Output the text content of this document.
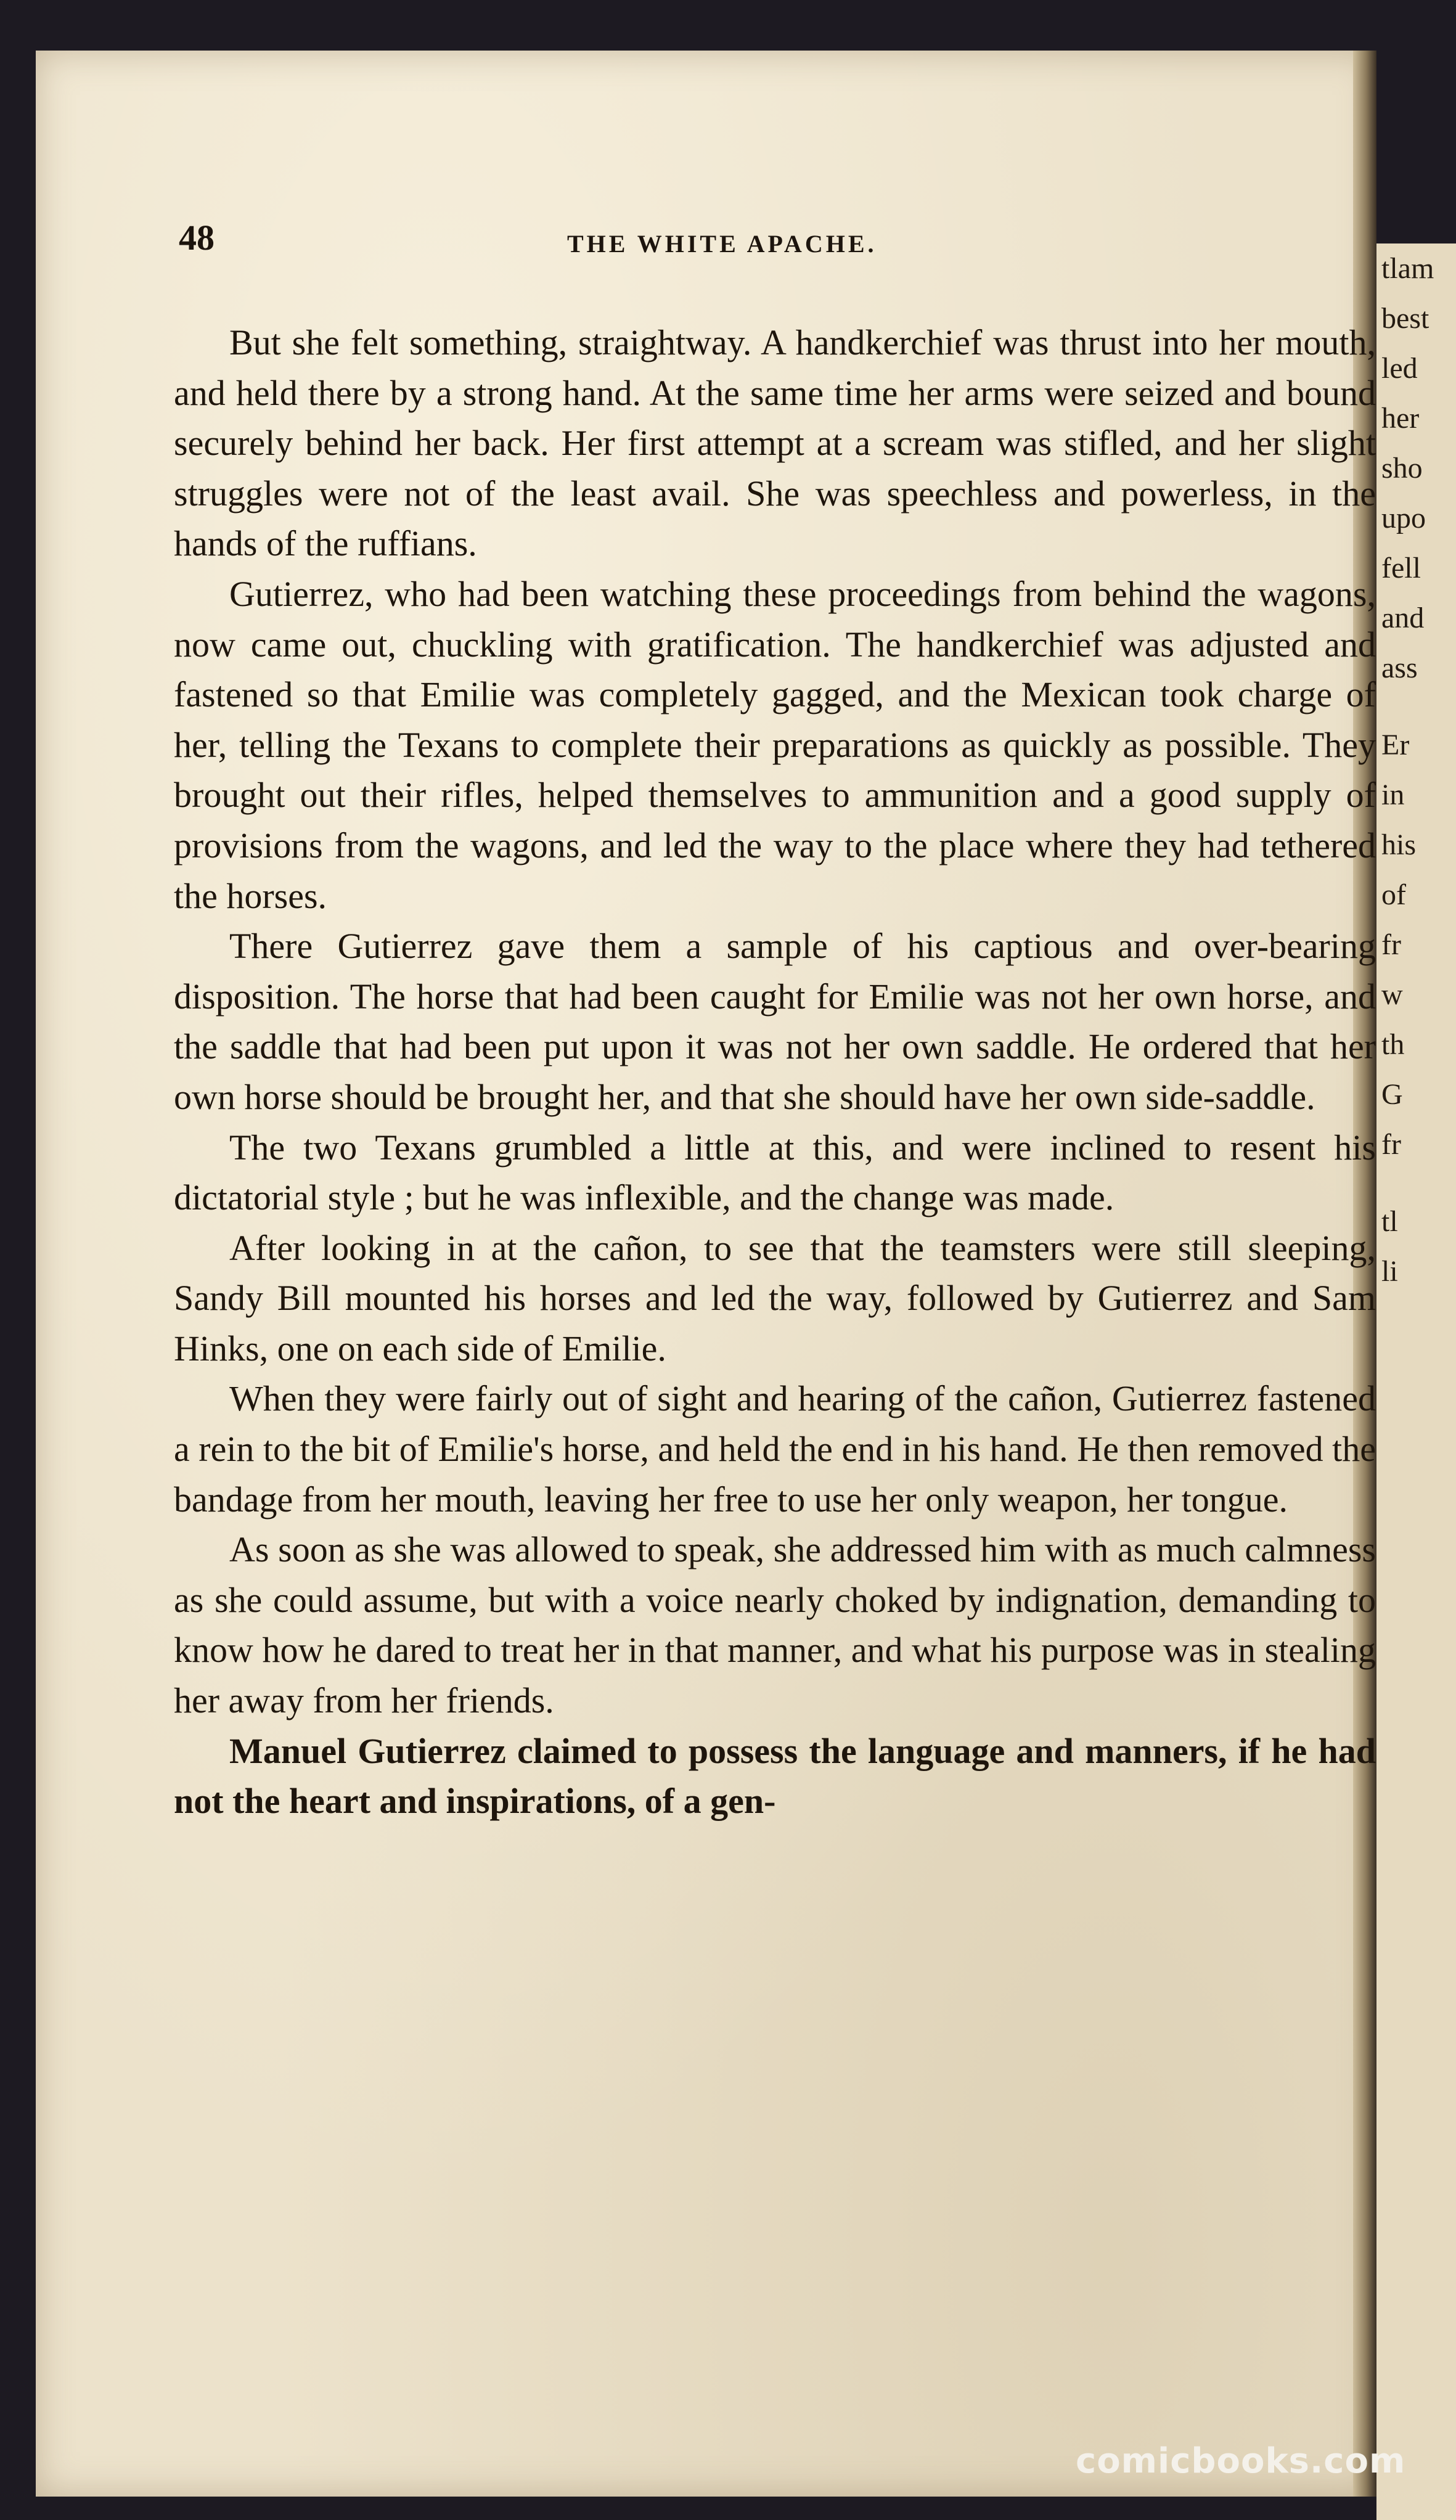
48	THE WHITE APACHE.

But she felt something, straightway. A handkerchief was thrust into her mouth, and held there by a strong hand. At the same time her arms were seized and bound securely behind her back. Her first attempt at a scream was stifled, and her slight struggles were not of the least avail. She was speechless and powerless, in the hands of the ruffians.

Gutierrez, who had been watching these proceedings from behind the wagons, now came out, chuckling with gratification. The handkerchief was adjusted and fastened so that Emilie was completely gagged, and the Mexican took charge of her, telling the Texans to complete their preparations as quickly as possible. They brought out their rifles, helped themselves to ammunition and a good supply of provisions from the wagons, and led the way to the place where they had tethered the horses.

There Gutierrez gave them a sample of his captious and over-bearing disposition. The horse that had been caught for Emilie was not her own horse, and the saddle that had been put upon it was not her own saddle. He ordered that her own horse should be brought her, and that she should have her own side-saddle.

The two Texans grumbled a little at this, and were inclined to resent his dictatorial style ; but he was inflexible, and the change was made.

After looking in at the cañon, to see that the teamsters were still sleeping, Sandy Bill mounted his horses and led the way, followed by Gutierrez and Sam Hinks, one on each side of Emilie.

When they were fairly out of sight and hearing of the cañon, Gutierrez fastened a rein to the bit of Emilie's horse, and held the end in his hand. He then removed the bandage from her mouth, leaving her free to use her only weapon, her tongue.

As soon as she was allowed to speak, she addressed him with as much calmness as she could assume, but with a voice nearly choked by indignation, demanding to know how he dared to treat her in that manner, and what his purpose was in stealing her away from her friends.

Manuel Gutierrez claimed to possess the language and manners, if he had not the heart and inspirations, of a gen-

tlam

best

led

her

sho

upo

fell

and

ass

Er

in

his

of

fr

w

th

G

fr

tl

li

comicbooks.com
